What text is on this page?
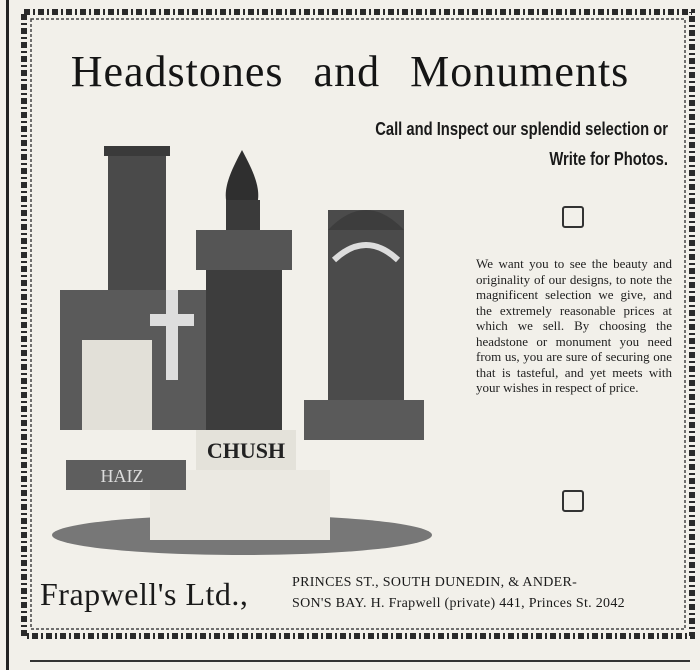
Headstones and Monuments
Call and Inspect our splendid selection or
Write for Photos.
We want you to see the beauty and originality of our designs, to note the magnificent selection we give, and the extremely reasonable prices at which we sell. By choosing the headstone or monument you need from us, you are sure of securing one that is tasteful, and yet meets with your wishes in respect of price.
CHUSH
HAIZ
Frapwell's Ltd.,	PRINCES ST., SOUTH DUNEDIN, & ANDER-
SON'S BAY. H. Frapwell (private) 441, Princes St. 2042
